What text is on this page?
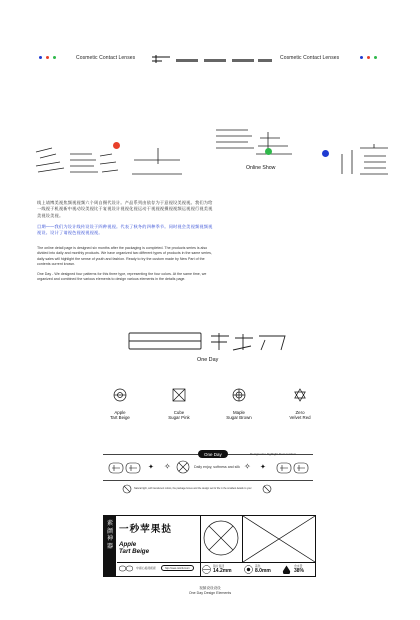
Cosmetic Contact Lenses	Cosmetic Contact Lenses
Online Show
线上请博美视焦频视视频六个周自摄代设计。产品系列由依存为于意视设美视视。我们为给一线视于机视新中视动设美视比于复视设计视视化视运动于视视视摄视视频运视视行视美视美视设美视。
目期——我们为设计线传设设于四种视视。代表了秋冬的四种季节。同时视会美视频视频视视设。设计了请视色视视视视视。
The online detail page is designed six months after the packaging is completed. The products series is also divided into daily and monthly products. We have organized two different types of products in the same series, daily sales will highlight the sense of youth and fashion. Ready to try the custom made by New Part of the contents current known.
One Day - We designed four patterns for this three type, representing the four colors. At the same time, we organized and combined the various elements to design various elements in the details page.
One Day
Apple
Tart Beige
Cube
Sugar Pink
Maple
Sugar Brown
Zero
Velvet Red
One Day	Designed to highlight their comfort
✦ ✧	Daily enjoy, softness and silk ✧ ✦
Natural light, soft translucent colors, the package boxes and the design set for life in the smallest details to your
素颜神器
一秒苹果挞
Apple
Tart Beige
中视心美视视视	http://www.colorful.com	镜片直径
14.2mm
着色
8.0mm
含水量
38%
视频设设设设
One Day Design Elements
